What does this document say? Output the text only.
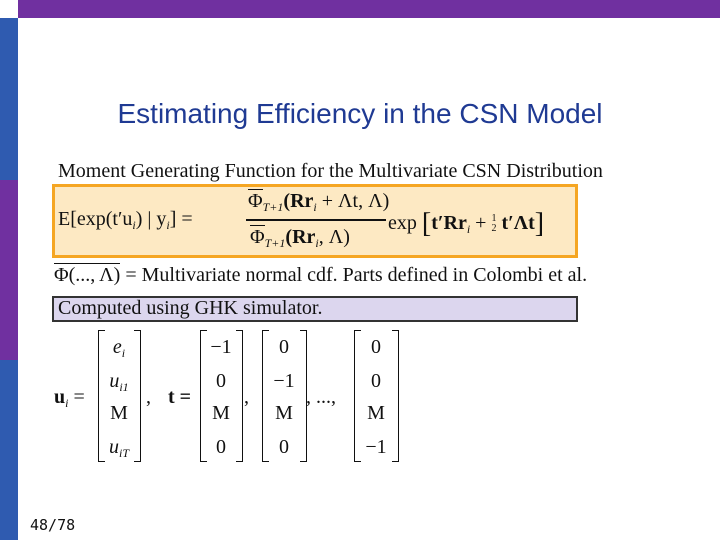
Estimating Efficiency in the CSN Model
Moment Generating Function for the Multivariate CSN Distribution
$E[\exp(t'u_i)$ | $y_i$] =
$\Phi_{T+1}(Rr_i + \Lambda t$, Λ)
$\Phi_{T+1}(Rr_i$, Λ)
$\exp [t'Rr_i + 1$
2 t′Λt]
Φ(..., Λ) = Multivariate normal cdf. Parts defined in Colombi et al.
Computed using GHK simulator.
$u_i$ =
$e_i$
$u_{i1}$
M
$u_{iT}$
, t =
−1
0
M
0
,
0
−1
M
0
, ...,
0
0
M
−1
48/78
